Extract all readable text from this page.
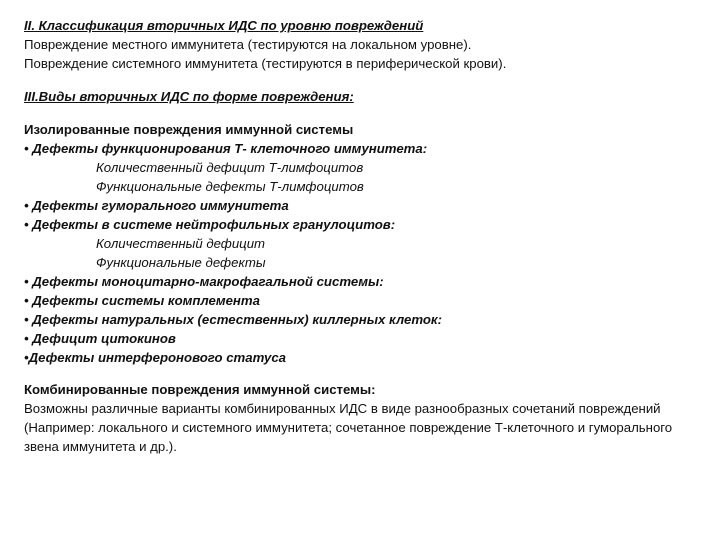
II. Классификация вторичных ИДС по уровню повреждений

Повреждение местного иммунитета (тестируются на локальном уровне).

Повреждение системного иммунитета (тестируются в периферической крови).

III.Виды вторичных ИДС по форме повреждения:

Изолированные повреждения иммунной системы

• Дефекты функционирования Т- клеточного иммунитета:

Количественный дефицит Т-лимфоцитов

Функциональные дефекты Т-лимфоцитов

• Дефекты гуморального иммунитета

• Дефекты в системе нейтрофильных гранулоцитов:

Количественный дефицит

Функциональные дефекты

• Дефекты моноцитарно-макрофагальной системы:

• Дефекты системы комплемента

• Дефекты натуральных (естественных) киллерных клеток:

• Дефицит цитокинов

•Дефекты интерферонового статуса

Комбинированные повреждения иммунной системы:

Возможны различные варианты комбинированных ИДС в виде разнообразных сочетаний повреждений (Например: локального и системного иммунитета; сочетанное повреждение Т-клеточного и гуморального звена иммунитета и др.).
